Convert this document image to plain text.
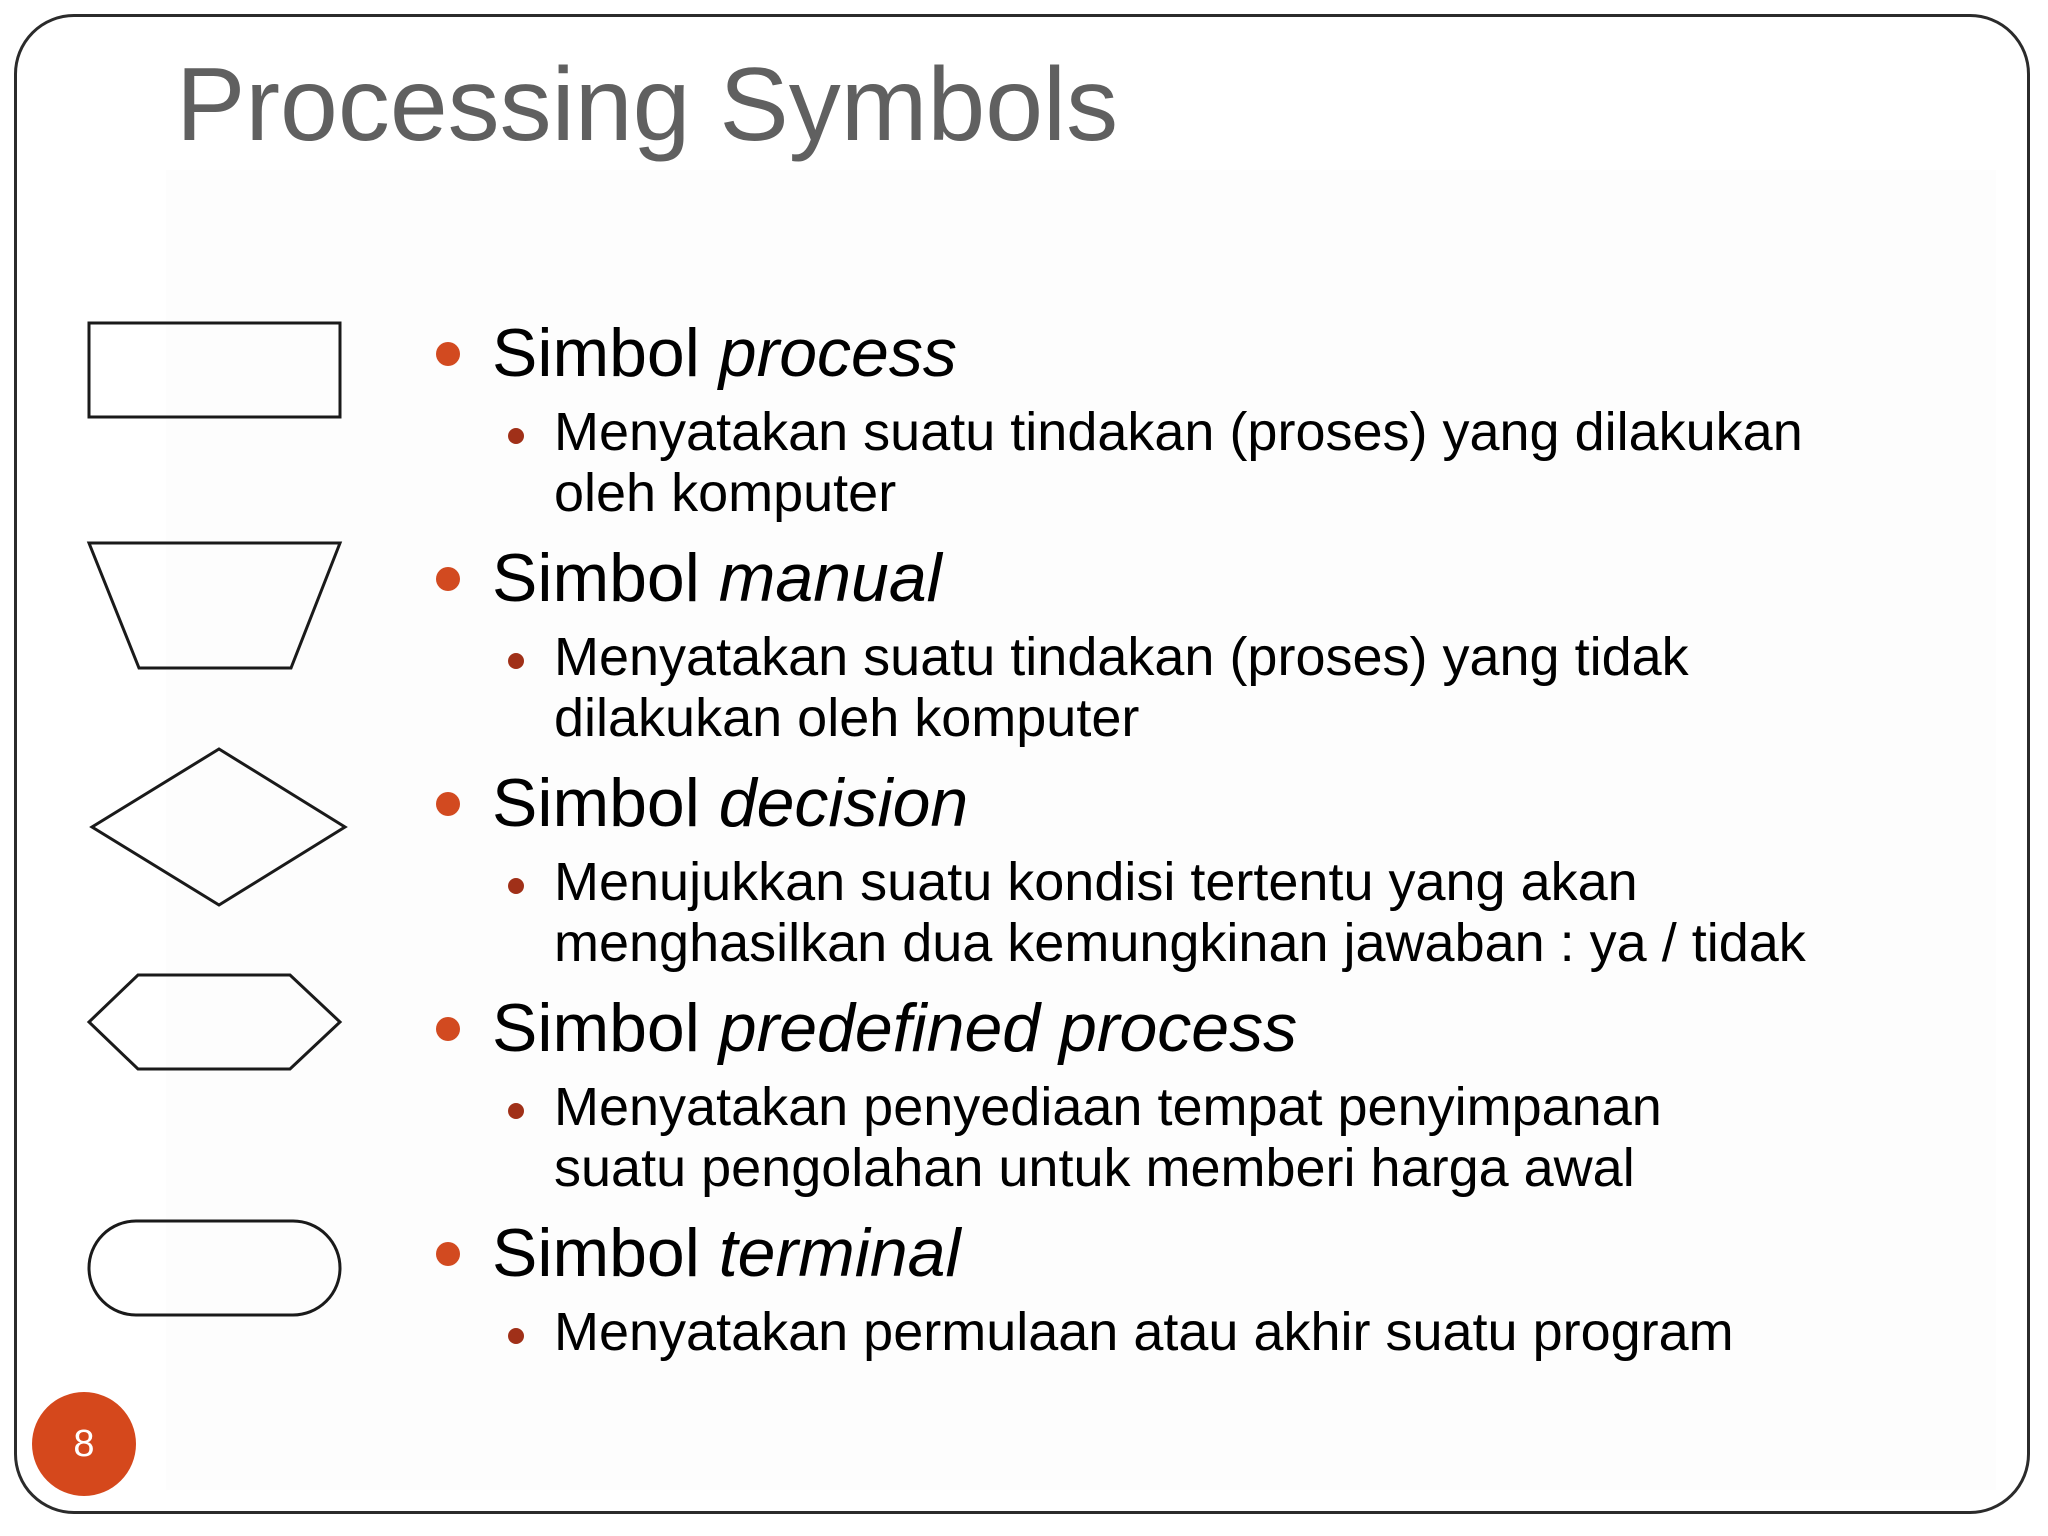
Processing Symbols
Simbol process
Menyatakan suatu tindakan (proses) yang dilakukan
oleh komputer
Simbol manual
Menyatakan suatu tindakan (proses) yang tidak
dilakukan oleh komputer
Simbol decision
Menujukkan suatu kondisi tertentu yang akan
menghasilkan dua kemungkinan jawaban : ya / tidak
Simbol predefined process
Menyatakan penyediaan tempat penyimpanan
suatu pengolahan untuk memberi harga awal
Simbol terminal
Menyatakan permulaan atau akhir suatu program
8
